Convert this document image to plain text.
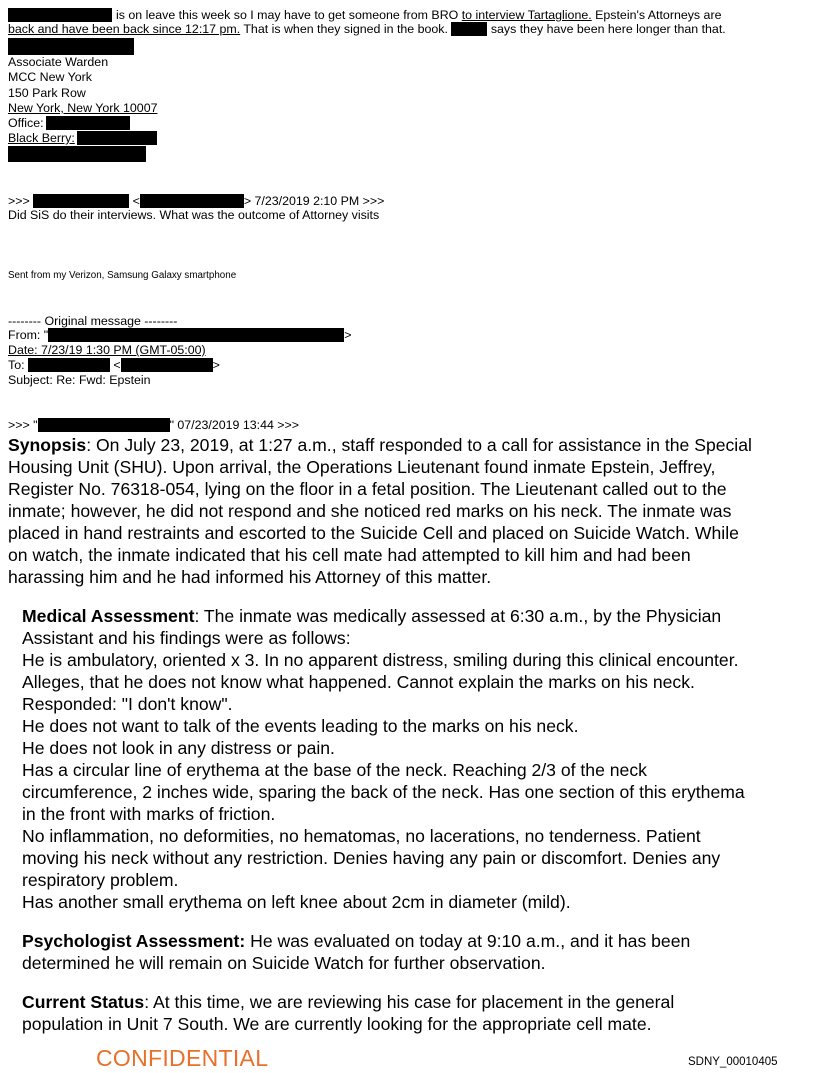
is on leave this week so I may have to get someone from BRO to interview Tartaglione. Epstein's Attorneys are
back and have been back since 12:17 pm. That is when they signed in the book.	says they have been here longer than that.
Associate Warden
MCC New York
150 Park Row
New York, New York 10007
Office:
Black Berry:
>>>	<	> 7/23/2019 2:10 PM >>>
Did SiS do their interviews. What was the outcome of Attorney visits
Sent from my Verizon, Samsung Galaxy smartphone
-------- Original message --------
From: "	>
Date: 7/23/19 1:30 PM (GMT-05:00)
To:	<	>
Subject: Re: Fwd: Epstein
>>> "	" 07/23/2019 13:44 >>>
Synopsis: On July 23, 2019, at 1:27 a.m., staff responded to a call for assistance in the Special
Housing Unit (SHU). Upon arrival, the Operations Lieutenant found inmate Epstein, Jeffrey,
Register No. 76318-054, lying on the floor in a fetal position. The Lieutenant called out to the
inmate; however, he did not respond and she noticed red marks on his neck. The inmate was
placed in hand restraints and escorted to the Suicide Cell and placed on Suicide Watch. While
on watch, the inmate indicated that his cell mate had attempted to kill him and had been
harassing him and he had informed his Attorney of this matter.
Medical Assessment: The inmate was medically assessed at 6:30 a.m., by the Physician
Assistant and his findings were as follows:
He is ambulatory, oriented x 3. In no apparent distress, smiling during this clinical encounter.
Alleges, that he does not know what happened. Cannot explain the marks on his neck.
Responded: "I don't know".
He does not want to talk of the events leading to the marks on his neck.
He does not look in any distress or pain.
Has a circular line of erythema at the base of the neck. Reaching 2/3 of the neck
circumference, 2 inches wide, sparing the back of the neck. Has one section of this erythema
in the front with marks of friction.
No inflammation, no deformities, no hematomas, no lacerations, no tenderness. Patient
moving his neck without any restriction. Denies having any pain or discomfort. Denies any
respiratory problem.
Has another small erythema on left knee about 2cm in diameter (mild).
Psychologist Assessment: He was evaluated on today at 9:10 a.m., and it has been
determined he will remain on Suicide Watch for further observation.
Current Status: At this time, we are reviewing his case for placement in the general
population in Unit 7 South. We are currently looking for the appropriate cell mate.
CONFIDENTIAL	SDNY_00010405
